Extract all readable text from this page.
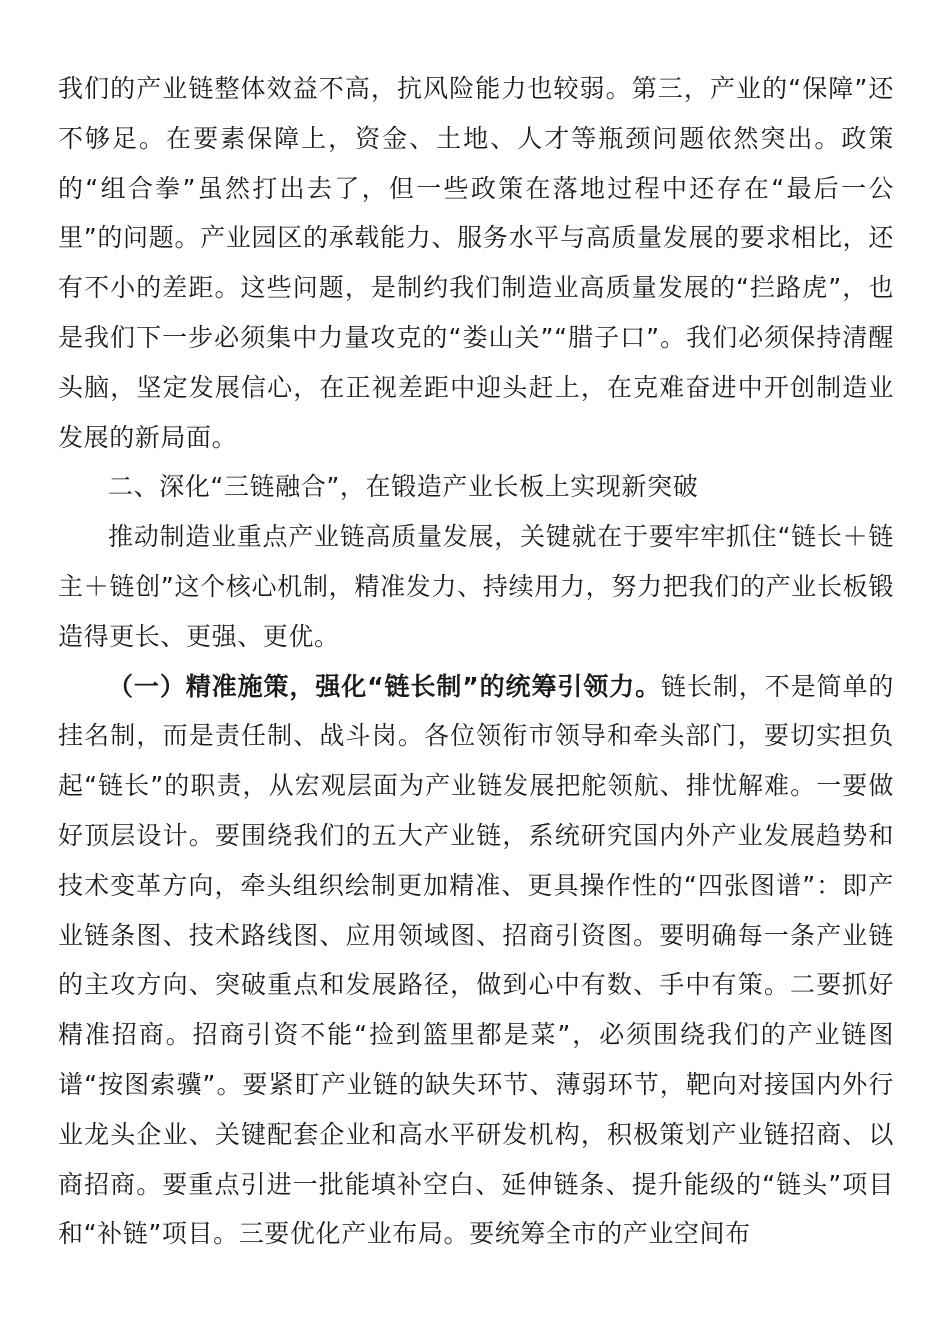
我们的产业链整体效益不高，抗风险能力也较弱。第三，产业的“保障”还不够足。在要素保障上，资金、土地、人才等瓶颈问题依然突出。政策的“组合拳”虽然打出去了，但一些政策在落地过程中还存在“最后一公里”的问题。产业园区的承载能力、服务水平与高质量发展的要求相比，还有不小的差距。这些问题，是制约我们制造业高质量发展的“拦路虎”，也是我们下一步必须集中力量攻克的“娄山关”“腊子口”。我们必须保持清醒头脑，坚定发展信心，在正视差距中迎头赶上，在克难奋进中开创制造业发展的新局面。

二、深化“三链融合”，在锻造产业长板上实现新突破

推动制造业重点产业链高质量发展，关键就在于要牢牢抓住“链长＋链主＋链创”这个核心机制，精准发力、持续用力，努力把我们的产业长板锻造得更长、更强、更优。

（一）精准施策，强化“链长制”的统筹引领力。链长制，不是简单的挂名制，而是责任制、战斗岗。各位领衔市领导和牵头部门，要切实担负起“链长”的职责，从宏观层面为产业链发展把舵领航、排忧解难。一要做好顶层设计。要围绕我们的五大产业链，系统研究国内外产业发展趋势和技术变革方向，牵头组织绘制更加精准、更具操作性的“四张图谱”：即产业链条图、技术路线图、应用领域图、招商引资图。要明确每一条产业链的主攻方向、突破重点和发展路径，做到心中有数、手中有策。二要抓好精准招商。招商引资不能“捡到篮里都是菜”，必须围绕我们的产业链图谱“按图索骥”。要紧盯产业链的缺失环节、薄弱环节，靶向对接国内外行业龙头企业、关键配套企业和高水平研发机构，积极策划产业链招商、以商招商。要重点引进一批能填补空白、延伸链条、提升能级的“链头”项目和“补链”项目。三要优化产业布局。要统筹全市的产业空间布
